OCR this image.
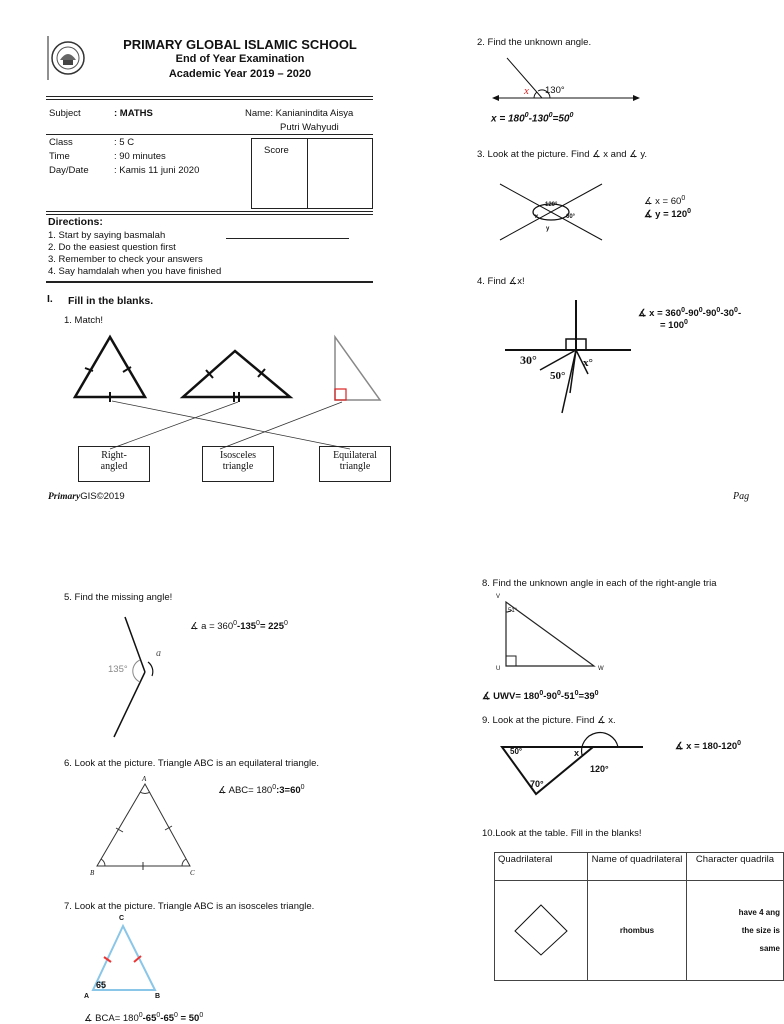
PRIMARY GLOBAL ISLAMIC SCHOOL
End of Year Examination
Academic Year 2019 – 2020
Subject	: MATHS	Name: Kanianindita Aisya
Putri Wahyudi
Class	: 5 C
Time	: 90 minutes
Day/Date	: Kamis 11 juni 2020
Score
Directions:
1. Start by saying basmalah
2. Do the easiest question first
3. Remember to check your answers
4. Say hamdalah when you have finished
I. Fill in the blanks.
1. Match!
Right-angled
Isosceles triangle
Equilateral triangle
PrimaryGIS©2019	Pag
2. Find the unknown angle.
x 130°
$x = 180^0-130^0=50^0$
3. Look at the picture. Find ∡ x and ∡ y.
120°
60°
x
y
∡ $x = 60^0$
∡ $y = 120^0$
4. Find ∡x!
30°
50°
x°
∡ $x = 360^0-90^0-90^0-30^0-$
= $100^0$
5. Find the missing angle!
135°
a
∡ $a = 360^0-135^0= 225^0$
6. Look at the picture. Triangle ABC is an equilateral triangle.
A
B	C
∡ $ABC= 180^0:3=60^0$
7. Look at the picture. Triangle ABC is an isosceles triangle.
C
A	B
65
∡ $BCA= 180^0-65^0-65^0 = 50^0$
8. Find the unknown angle in each of the right-angle tria
V
U	W
51°
∡ $UWV= 180^0-90^0-51^0=39^0$
9. Look at the picture. Find ∡ x.
50°	x
120°
70°
∡ $x = 180-120^0$
10.Look at the table. Fill in the blanks!
Quadrilateral	Name of quadrilateral	Character quadrila
	rhombus	have 4 ang
the size is
same
